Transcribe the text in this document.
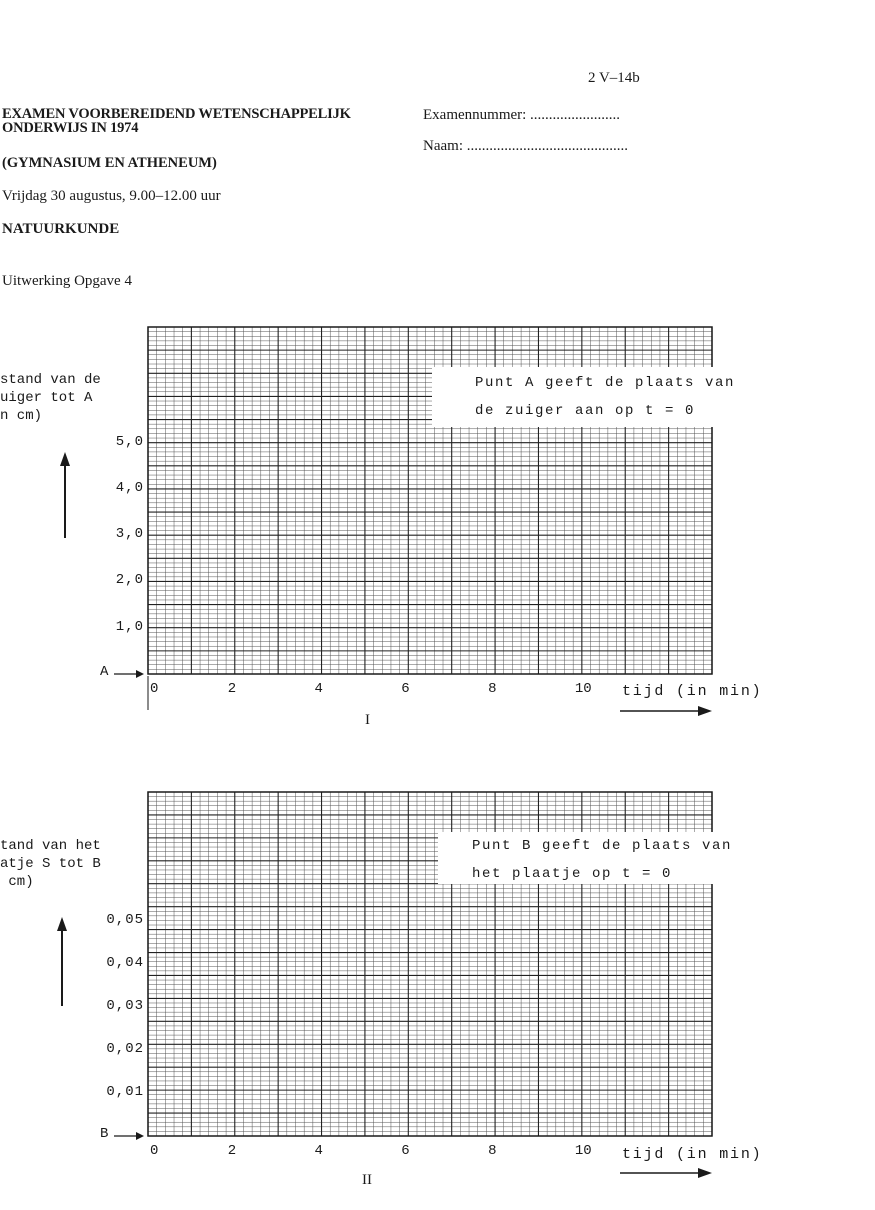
2 V–14b
EXAMEN VOORBEREIDEND WETENSCHAPPELIJK
ONDERWIJS IN 1974
(GYMNASIUM EN ATHENEUM)
Vrijdag 30 augustus, 9.00–12.00 uur
NATUURKUNDE
Uitwerking Opgave 4
Examennummer: ........................
Naam: ...........................................
stand van de
uiger tot A
n cm)
Punt A geeft de plaats van
de zuiger aan op t = 0
A
1,0
2,0
3,0
4,0
5,0
0	2	4	6	8	10 tijd (in min)
I
tand van het
atje S tot B
cm)
Punt B geeft de plaats van
het plaatje op t = 0
B
0,01
0,02
0,03
0,04
0,05
0	2	4	6	8	10 tijd (in min)
II
